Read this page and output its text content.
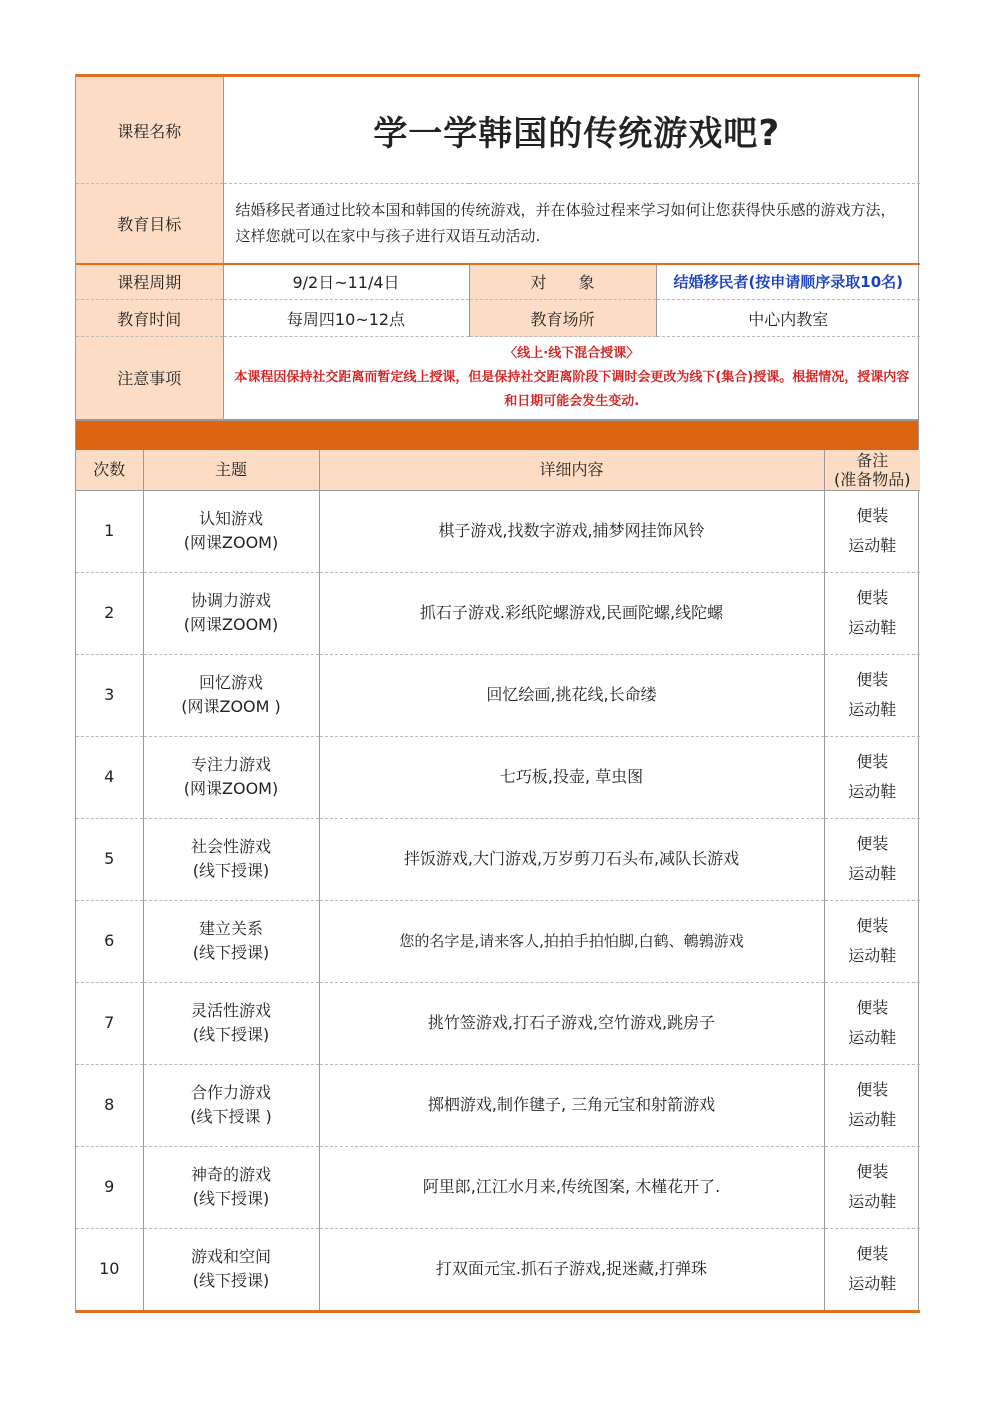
课程名称	学一学韩国的传统游戏吧?		
教育目标	结婚移民者通过比较本国和韩国的传统游戏，并在体验过程来学习如何让您获得快乐感的游戏方法，这样您就可以在家中与孩子进行双语互动活动.		
课程周期	9/2日~11/4日	对　　象	结婚移民者(按申请顺序录取10名)
教育时间	每周四10~12点	教育场所	中心内教室
注意事项	〈线上·线下混合授课〉
本课程因保持社交距离而暂定线上授课，但是保持社交距离阶段下调时会更改为线下(集合)授课。根据情况，授课内容和日期可能会发生变动.		
次数	主题	详细内容	备注
(准备物品)

1	认知游戏
(网课ZOOM)	棋子游戏,找数字游戏,捕梦网挂饰风铃	便装
运动鞋

2	协调力游戏
(网课ZOOM)	抓石子游戏.彩纸陀螺游戏,民画陀螺,线陀螺	便装
运动鞋

3	回忆游戏
(网课ZOOM )	回忆绘画,挑花线,长命缕	便装
运动鞋

4	专注力游戏
(网课ZOOM)	七巧板,投壶, 草虫图	便装
运动鞋

5	社会性游戏
(线下授课)	拌饭游戏,大门游戏,万岁剪刀石头布,减队长游戏	便装
运动鞋

6	建立关系
(线下授课)	您的名字是,请来客人,拍拍手拍怕脚,白鹤、鵪鶉游戏	便装
运动鞋

7	灵活性游戏
(线下授课)	挑竹签游戏,打石子游戏,空竹游戏,跳房子	便装
运动鞋

8	合作力游戏
(线下授课 )	掷柶游戏,制作毽子, 三角元宝和射箭游戏	便装
运动鞋

9	神奇的游戏
(线下授课)	阿里郎,江江水月来,传统图案, 木槿花开了.	便装
运动鞋

10	游戏和空间
(线下授课)	打双面元宝.抓石子游戏,捉迷藏,打弹珠	便装
运动鞋
